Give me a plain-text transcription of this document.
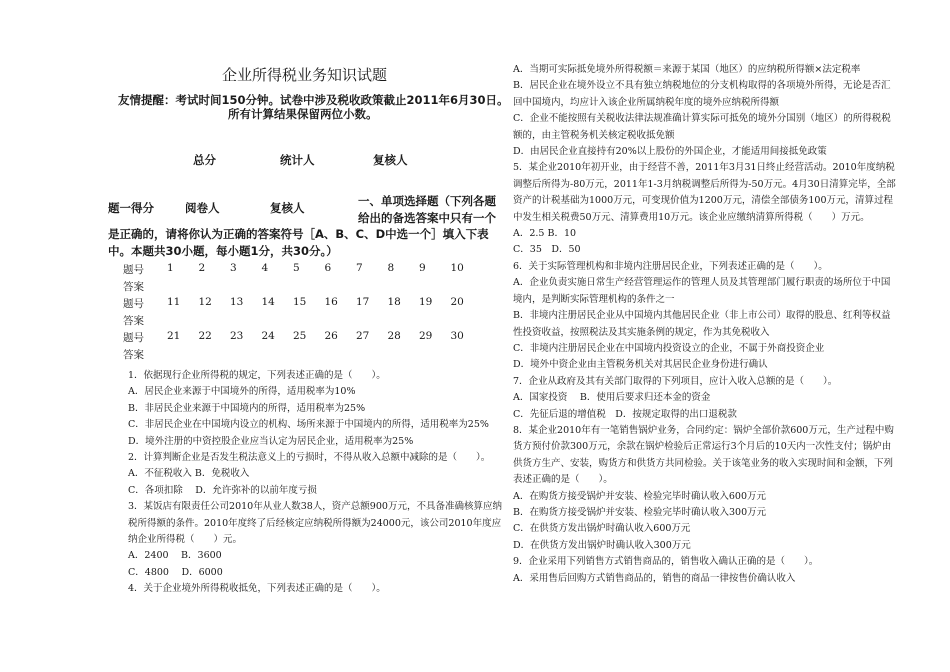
企业所得税业务知识试题
友情提醒：考试时间150分钟。试卷中涉及税收政策截止2011年6月30日。
所有计算结果保留两位小数。
总分	统计人	复核人
题一得分	阅卷人	复核人	一、单项选择题（下列各题给出的备选答案中只有一个
是正确的，请将你认为正确的答案符号［A、B、C、D中选一个］填入下表中。本题共30小题，每小题1分，共30分。）
题号	1	2	3	4	5	6	7	8	9	10
答案										
题号	11	12	13	14	15	16	17	18	19	20
答案										
题号	21	22	23	24	25	26	27	28	29	30
答案										

1．依据现行企业所得税的规定，下列表述正确的是（　　）。

A．居民企业来源于中国境外的所得，适用税率为10%

B．非居民企业来源于中国境内的所得，适用税率为25%

C．非居民企业在中国境内设立的机构、场所来源于中国境内的所得，适用税率为25%

D．境外注册的中资控股企业应当认定为居民企业，适用税率为25%

2．计算判断企业是否发生税法意义上的亏损时，不得从收入总额中减除的是（　　）。

A．不征税收入 B．免税收入

C．各项扣除　 D．允许弥补的以前年度亏损

3．某饭店有限责任公司2010年从业人数38人，资产总额900万元，不具备准确核算应纳税所得额的条件。2010年度终了后经核定应纳税所得额为24000元，该公司2010年度应纳企业所得税（　　）元。

A．2400　 B．3600

C．4800　 D．6000

4．关于企业境外所得税收抵免，下列表述正确的是（　　）。

A．当期可实际抵免境外所得税额＝来源于某国（地区）的应纳税所得额×法定税率

B．居民企业在境外设立不具有独立纳税地位的分支机构取得的各项境外所得，无论是否汇回中国境内，均应计入该企业所属纳税年度的境外应纳税所得额

C．企业不能按照有关税收法律法规准确计算实际可抵免的境外分国别（地区）的所得税税额的，由主管税务机关核定税收抵免额

D．由居民企业直接持有20%以上股份的外国企业，才能适用间接抵免政策

5．某企业2010年初开业，由于经营不善，2011年3月31日终止经营活动。2010年度纳税调整后所得为-80万元，2011年1-3月纳税调整后所得为-50万元。4月30日清算完毕，全部资产的计税基础为1000万元，可变现价值为1200万元，清偿全部债务100万元，清算过程中发生相关税费50万元、清算费用10万元。该企业应缴纳清算所得税（　　）万元。

A．2.5 B．10

C．35　D．50

6．关于实际管理机构和非境内注册居民企业，下列表述正确的是（　　）。

A．企业负责实施日常生产经营管理运作的管理人员及其管理部门履行职责的场所位于中国境内，是判断实际管理机构的条件之一

B．非境内注册居民企业从中国境内其他居民企业（非上市公司）取得的股息、红利等权益性投资收益，按照税法及其实施条例的规定，作为其免税收入

C．非境内注册居民企业在中国境内投资设立的企业，不属于外商投资企业

D．境外中资企业由主管税务机关对其居民企业身份进行确认

7．企业从政府及其有关部门取得的下列项目，应计入收入总额的是（　　）。

A．国家投资　 B．使用后要求归还本金的资金

C．先征后退的增值税　D．按规定取得的出口退税款

8．某企业2010年有一笔销售锅炉业务，合同约定：锅炉全部价款600万元，生产过程中购货方预付价款300万元，余款在锅炉检验后正常运行3个月后的10天内一次性支付；锅炉由供货方生产、安装，购货方和供货方共同检验。关于该笔业务的收入实现时间和金额，下列表述正确的是（　　）。

A．在购货方接受锅炉并安装、检验完毕时确认收入600万元

B．在购货方接受锅炉并安装、检验完毕时确认收入300万元

C．在供货方发出锅炉时确认收入600万元

D．在供货方发出锅炉时确认收入300万元

9．企业采用下列销售方式销售商品的，销售收入确认正确的是（　　）。

A．采用售后回购方式销售商品的，销售的商品一律按售价确认收入
